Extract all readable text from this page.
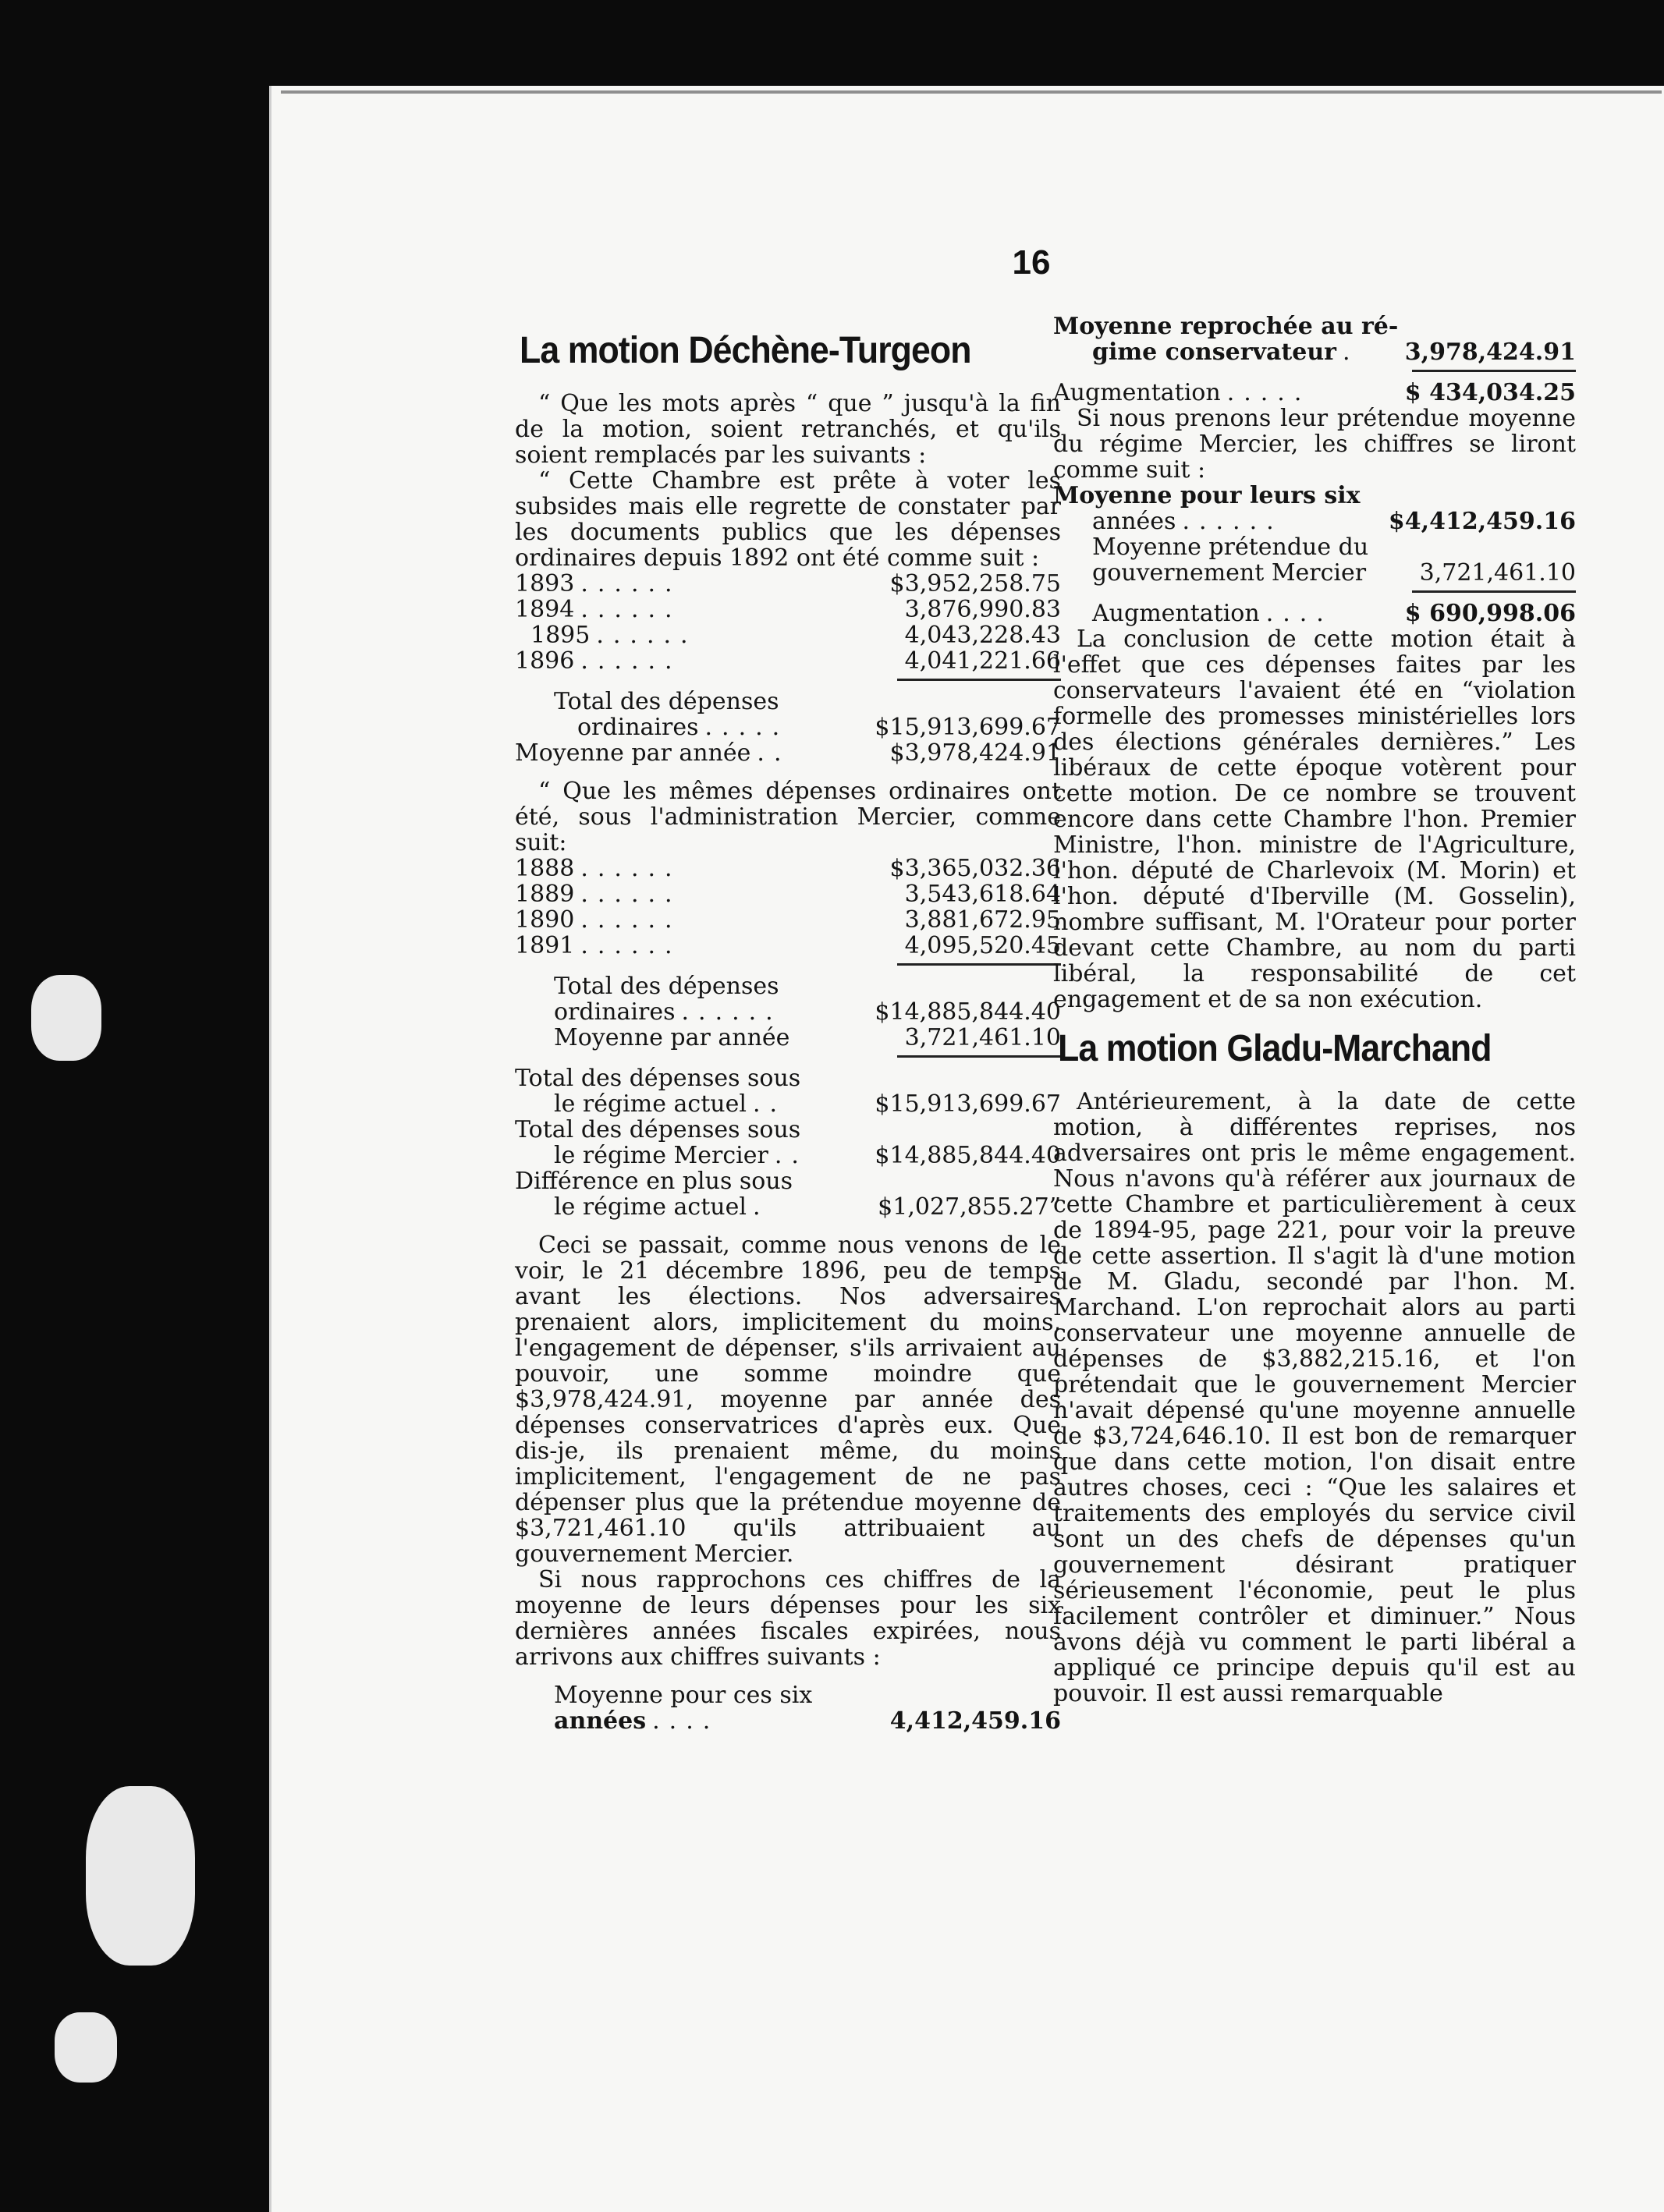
16
La motion Déchène-Turgeon

“ Que les mots après “ que ” jusqu'à la fin de la motion, soient retranchés, et qu'ils soient remplacés par les suivants :

“ Cette Chambre est prête à voter les subsides mais elle regrette de constater par les documents publics que les dépenses ordinaires depuis 1892 ont été comme suit :

1893 ......	$3,952,258.75
1894 ......	3,876,990.83
1895 ......	4,043,228.43
1896 ......	4,041,221.66
Total des dépenses
ordinaires .....	$15,913,699.67
Moyenne par année ..	$3,978,424.91

“ Que les mêmes dépenses ordinaires ont été, sous l'administration Mercier, comme suit:

1888 ......	$3,365,032.36
1889 ......	3,543,618.64
1890 ......	3,881,672.95
1891 ......	4,095,520.45
Total des dépenses
ordinaires ......	$14,885,844.40
Moyenne par année	3,721,461.10
Total des dépenses sous
le régime actuel ..	$15,913,699.67
Total des dépenses sous
le régime Mercier ..	$14,885,844.40
Différence en plus sous
le régime actuel .	$1,027,855.27”

Ceci se passait, comme nous venons de le voir, le 21 décembre 1896, peu de temps avant les élections. Nos adversaires prenaient alors, implicitement du moins, l'engagement de dépenser, s'ils arrivaient au pouvoir, une somme moindre que $3,978,424.91, moyenne par année des dépenses conservatrices d'après eux. Que dis-je, ils prenaient même, du moins implicitement, l'engagement de ne pas dépenser plus que la prétendue moyenne de $3,721,461.10 qu'ils attribuaient au gouvernement Mercier.

Si nous rapprochons ces chiffres de la moyenne de leurs dépenses pour les six dernières années fiscales expirées, nous arrivons aux chiffres suivants :

Moyenne pour ces six
années ....	4,412,459.16
Moyenne reprochée au ré-
gime conservateur .	3,978,424.91
Augmentation .....	$ 434,034.25

Si nous prenons leur prétendue moyenne du régime Mercier, les chiffres se liront comme suit :

Moyenne pour leurs six
années ......	$4,412,459.16
Moyenne prétendue du
gouvernement Mercier 3,721,461.10
Augmentation ....	$ 690,998.06

La conclusion de cette motion était à l'effet que ces dépenses faites par les conservateurs l'avaient été en “violation formelle des promesses ministérielles lors des élections générales dernières.” Les libéraux de cette époque votèrent pour cette motion. De ce nombre se trouvent encore dans cette Chambre l'hon. Premier Ministre, l'hon. ministre de l'Agriculture, l'hon. député de Charlevoix (M. Morin) et l'hon. député d'Iberville (M. Gosselin), nombre suffisant, M. l'Orateur pour porter devant cette Chambre, au nom du parti libéral, la responsabilité de cet engagement et de sa non exécution.

La motion Gladu-Marchand

Antérieurement, à la date de cette motion, à différentes reprises, nos adversaires ont pris le même engagement. Nous n'avons qu'à référer aux journaux de cette Chambre et particulièrement à ceux de 1894-95, page 221, pour voir la preuve de cette assertion. Il s'agit là d'une motion de M. Gladu, secondé par l'hon. M. Marchand. L'on reprochait alors au parti conservateur une moyenne annuelle de dépenses de $3,882,215.16, et l'on prétendait que le gouvernement Mercier n'avait dépensé qu'une moyenne annuelle de $3,724,646.10. Il est bon de remarquer que dans cette motion, l'on disait entre autres choses, ceci : “Que les salaires et traitements des employés du service civil sont un des chefs de dépenses qu'un gouvernement désirant pratiquer sérieusement l'économie, peut le plus facilement contrôler et diminuer.” Nous avons déjà vu comment le parti libéral a appliqué ce principe depuis qu'il est au pouvoir. Il est aussi remarquable
